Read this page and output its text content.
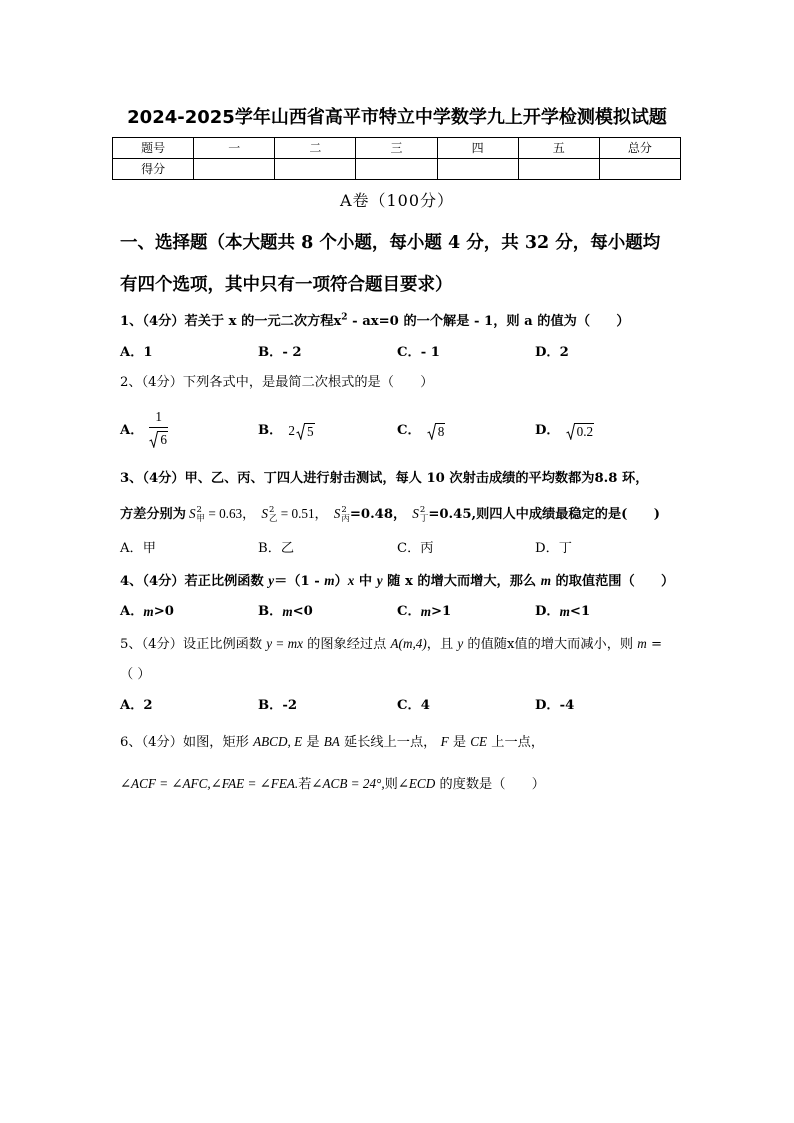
2024-2025学年山西省高平市特立中学数学九上开学检测模拟试题
题号	一	二	三	四	五	总分
得分						
A卷（100分）
一、选择题（本大题共 8 个小题，每小题 4 分，共 32 分，每小题均
有四个选项，其中只有一项符合题目要求）
1、（4分）若关于 x 的一元二次方程$x^2 - ax=0$ 的一个解是 - 1，则 a 的值为（　　）
A． 1	B． - 2	C． - 1	D． 2
2、（4分）下列各式中，是最简二次根式的是（　　）
A． $\frac{1}{6}$	B． 2 5	C． 8	D． 0.2
3、（4分）甲、乙、丙、丁四人进行射击测试，每人 10 次射击成绩的平均数都为8.8 环，
方差分别为 S 2
甲 = 0.63， S 2
乙 = 0.51， S 2
丙 =0.48， S 2
丁 =0.45,则四人中成绩最稳定的是(　　)
A． 甲	B． 乙	C． 丙	D． 丁
4、（4分）若正比例函数 y＝（1 - m）x 中 y 随 x 的增大而增大，那么 m 的取值范围（　　）
A． m >0	B． m <0	C． m >1	D． m <1
5、（4分）设正比例函数 y = mx 的图象经过点 A(m,4)，且 y 的值随x值的增大而减小，则 m =
（ ）
A． 2	B． -2	C． 4	D． -4
6、（4分）如图，矩形 ABCD, E 是 BA 延长线上一点， F 是 CE 上一点，
∠ACF = ∠AFC,∠FAE = ∠FEA.若∠ACB = 24°,则∠ECD 的度数是（　　）
